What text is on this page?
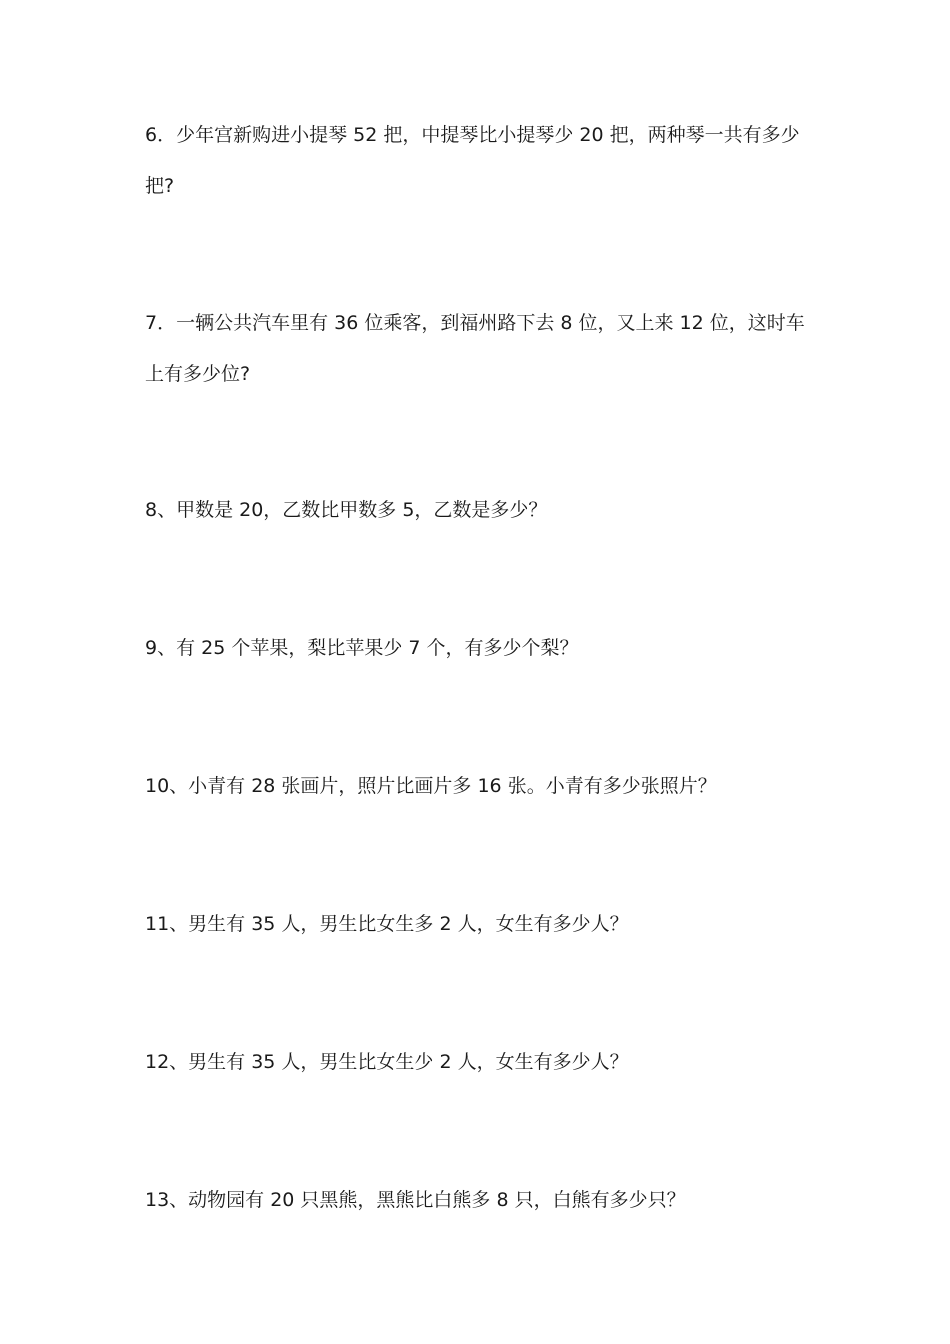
6．少年宫新购进小提琴 52 把，中提琴比小提琴少 20 把，两种琴一共有多少
把?

7．一辆公共汽车里有 36 位乘客，到福州路下去 8 位，又上来 12 位，这时车
上有多少位?

8、甲数是 20，乙数比甲数多 5，乙数是多少？

9、有 25 个苹果，梨比苹果少 7 个，有多少个梨？

10、小青有 28 张画片，照片比画片多 16 张。小青有多少张照片？

11、男生有 35 人，男生比女生多 2 人，女生有多少人？

12、男生有 35 人，男生比女生少 2 人，女生有多少人？

13、动物园有 20 只黑熊，黑熊比白熊多 8 只，白熊有多少只？
